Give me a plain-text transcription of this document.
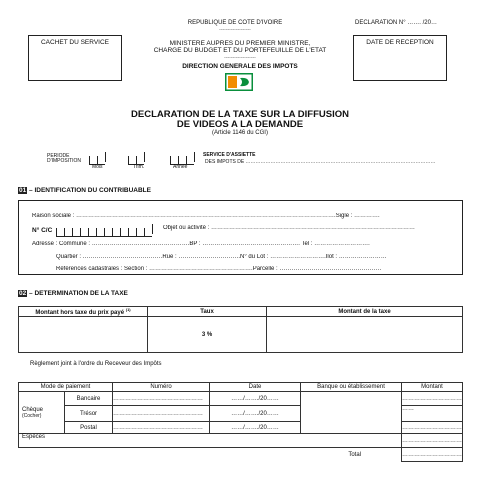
REPUBLIQUE DE COTE D'IVOIRE
-------------------
DECLARATION N° ……. /20…
CACHET DU SERVICE	DATE DE RECEPTION
MINISTERE AUPRES DU PREMIER MINISTRE,
CHARGE DU BUDGET ET DU PORTEFEUILLE DE L'ETAT
-------------------
DIRECTION GENERALE DES IMPOTS
DECLARATION DE LA TAXE SUR LA DIFFUSION
DE VIDEOS A LA DEMANDE
(Article 1146 du CGI)
PERIODE
D'IMPOSITION
Mois	Trim.	Année
SERVICE D'ASSIETTE
DES IMPOTS DE ……………………………………………………………………………………………………
01 – IDENTIFICATION DU CONTRIBUABLE
Raison sociale : ………………………………………………………………………………………………………………….Sigle : ………….
N° C/C	Objet ou activité : …………………………………………………………………………………………
Adresse : Commune : ………………………………………….BP : …………………………………………. Tel : ……………………….
Quartier : ………………………………….Rue : ………………………….N° du Lot : ……………………….Ilot : ……………………
Références cadastrales : Section : …………………………………………….Parcelle : ……………………………………………
02 – DETERMINATION DE LA TAXE
Montant hors taxe du prix payé $^{(1)}$	Taux	Montant de la taxe
	3 %	
Règlement joint à l'ordre du Receveur des Impôts
Mode de paiement		Numéro	Date	Banque ou établissement	Montant

Chèque
(Cocher)	Bancaire	………………………………………	……/……./20……		…………………………
	Trésor	………………………………………	……/……./20……		……
	Postal	………………………………………	……/……./20……		…………………………
Espèces					…………………………
Total					…………………………
